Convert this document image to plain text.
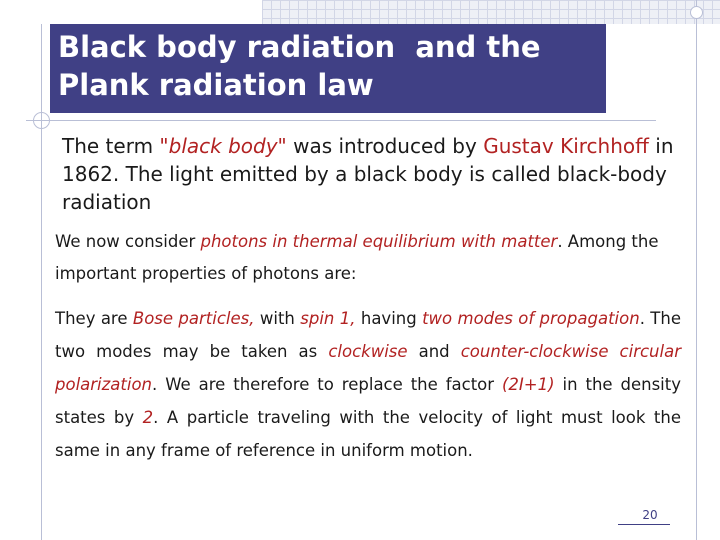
Black body radiation  and the
Plank radiation law
The term "black body" was introduced by Gustav Kirchhoff in 1862. The light emitted by a black body is called black-body radiation
We now consider photons in thermal equilibrium with matter. Among the important properties of photons are:
They are Bose particles, with spin 1, having two modes of propagation. The two modes may be taken as clockwise and counter-clockwise circular polarization. We are therefore to replace the factor (2I+1) in the density states by 2. A particle traveling with the velocity of light must look the same in any frame of reference in uniform motion.
20
